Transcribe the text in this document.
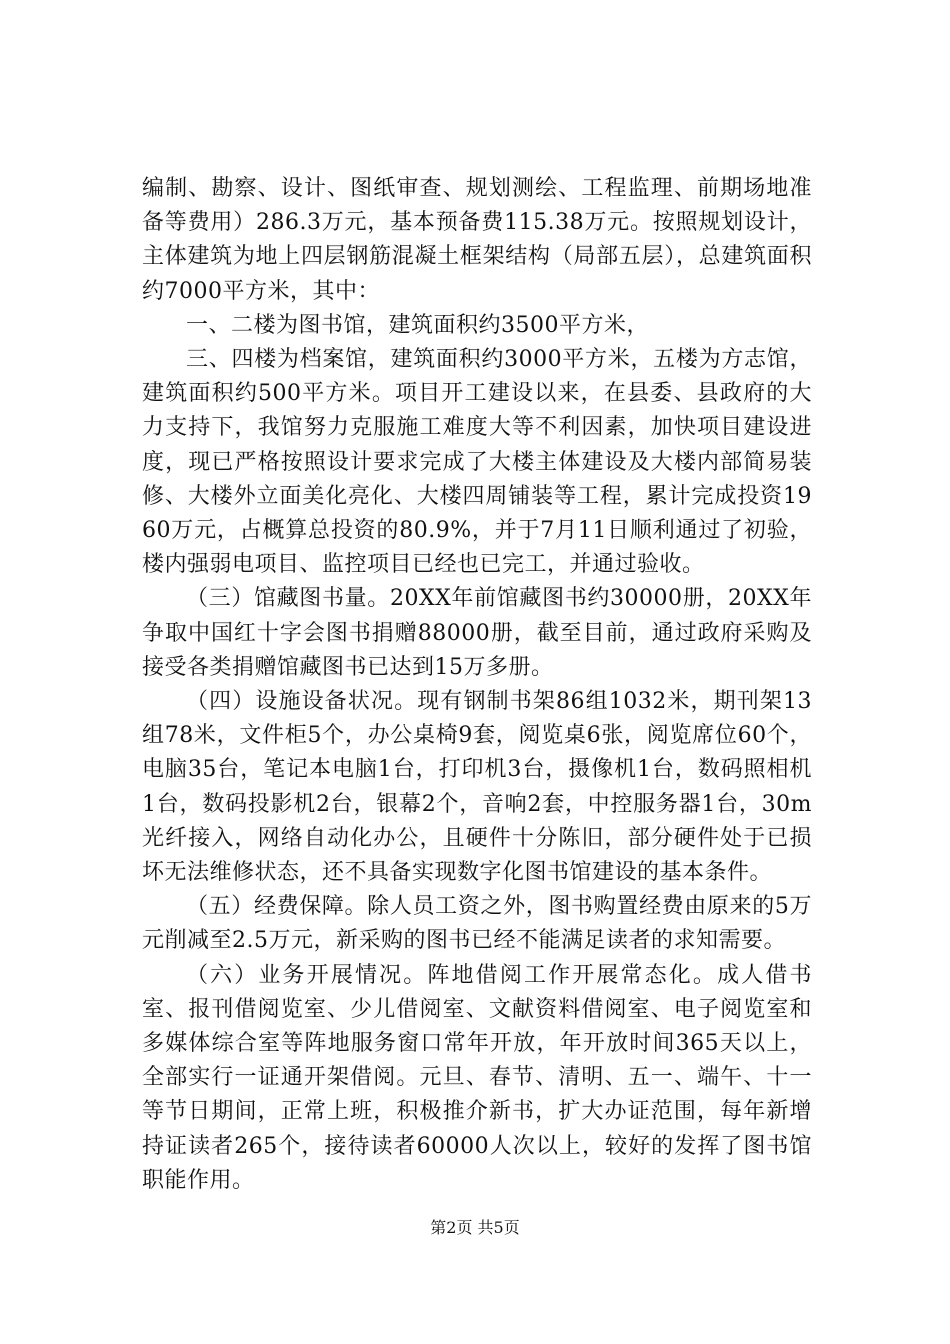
编制、勘察、设计、图纸审查、规划测绘、工程监理、前期场地准备等费用）286.3万元，基本预备费115.38万元。按照规划设计，主体建筑为地上四层钢筋混凝土框架结构（局部五层），总建筑面积约7000平方米，其中：

一、二楼为图书馆，建筑面积约3500平方米，

三、四楼为档案馆，建筑面积约3000平方米，五楼为方志馆，建筑面积约500平方米。项目开工建设以来，在县委、县政府的大力支持下，我馆努力克服施工难度大等不利因素，加快项目建设进度，现已严格按照设计要求完成了大楼主体建设及大楼内部简易装修、大楼外立面美化亮化、大楼四周铺装等工程，累计完成投资1960万元，占概算总投资的80.9%，并于7月11日顺利通过了初验，楼内强弱电项目、监控项目已经也已完工，并通过验收。

（三）馆藏图书量。20XX年前馆藏图书约30000册，20XX年争取中国红十字会图书捐赠88000册，截至目前，通过政府采购及接受各类捐赠馆藏图书已达到15万多册。

（四）设施设备状况。现有钢制书架86组1032米，期刊架13组78米，文件柜5个，办公桌椅9套，阅览桌6张，阅览席位60个，电脑35台，笔记本电脑1台，打印机3台，摄像机1台，数码照相机1台，数码投影机2台，银幕2个，音响2套，中控服务器1台，30m光纤接入，网络自动化办公，且硬件十分陈旧，部分硬件处于已损坏无法维修状态，还不具备实现数字化图书馆建设的基本条件。

（五）经费保障。除人员工资之外，图书购置经费由原来的5万元削减至2.5万元，新采购的图书已经不能满足读者的求知需要。

（六）业务开展情况。阵地借阅工作开展常态化。成人借书室、报刊借阅览室、少儿借阅室、文献资料借阅室、电子阅览室和多媒体综合室等阵地服务窗口常年开放，年开放时间365天以上，全部实行一证通开架借阅。元旦、春节、清明、五一、端午、十一等节日期间，正常上班，积极推介新书，扩大办证范围，每年新增持证读者265个，接待读者60000人次以上，较好的发挥了图书馆职能作用。

第2页 共5页
